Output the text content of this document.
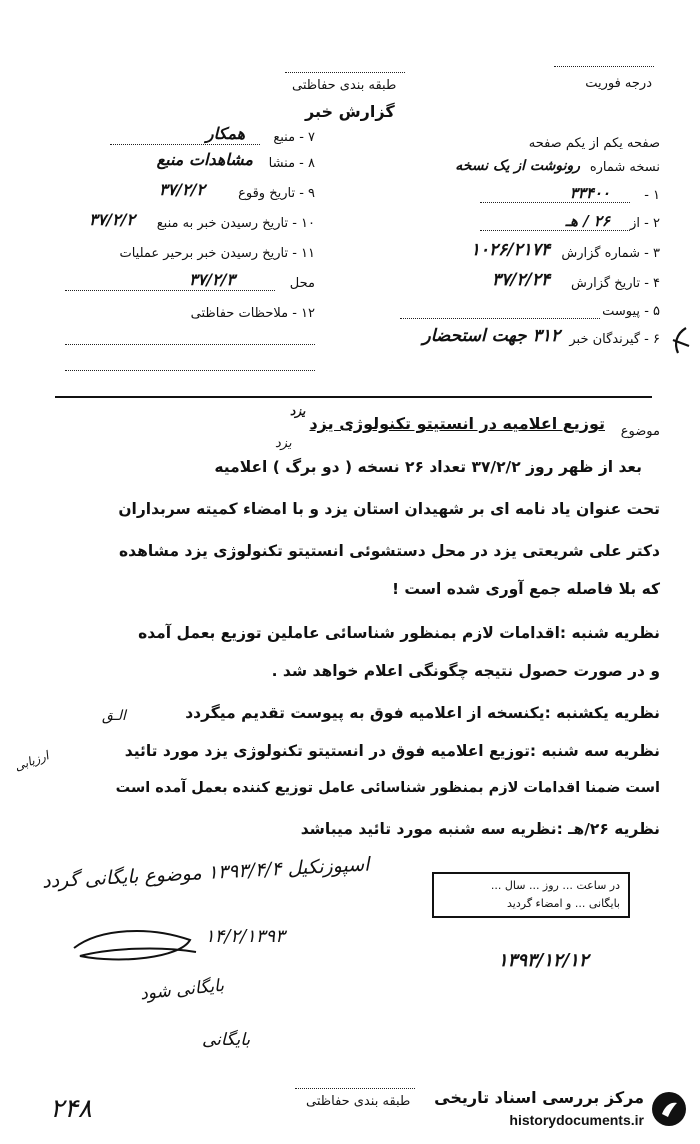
درجه فوریت
طبقه بندی حفاظتی
گزارش خبر
صفحه یکم از یکم صفحه
نسخه شماره
رونوشت از یک نسخه
۱ -
۳۳۴۰۰
۲ - از
۲۶ / هـ
۳ - شماره گزارش
۱۰۲۶/۲۱۷۴
۴ - تاریخ گزارش
۳۷/۲/۲۴
۵ - پیوست
۶ - گیرندگان خبر
۳۱۲ جهت استحضار
۷ - منبع
همکار
۸ - منشا
مشاهدات منبع
۹ - تاریخ وقوع
۳۷/۲/۲
۱۰ - تاریخ رسیدن خبر به منبع
۳۷/۲/۲
۱۱ - تاریخ رسیدن خبر برحیر عملیات
محل
۳۷/۲/۳
۱۲ - ملاحظات حفاظتی
موضوع
یزد
توزیع اعلامیه در انستیتو تکنولوژی یزد
یزد
بعد از ظهر روز ۳۷/۲/۲ تعداد ۲۶ نسخه ( دو برگ ) اعلامیه
تحت عنوان یاد نامه ای بر شهیدان استان یزد و با امضاء کمیته سربداران
دکتر علی شریعتی یزد در محل دستشوئی انستیتو تکنولوژی یزد مشاهده
که بلا فاصله جمع آوری شده است !
نظریه شنبه :اقدامات لازم بمنظور شناسائی عاملین توزیع بعمل آمده
و در صورت حصول نتیجه چگونگی اعلام خواهد شد .
نظریه یکشنبه :یکنسخه از اعلامیه فوق به پیوست تقدیم میگردد
نظریه سه شنبه :توزیع اعلامیه فوق در انستیتو تکنولوژی یزد مورد تائید
است ضمنا اقدامات لازم بمنظور شناسائی عامل توزیع کننده بعمل آمده است
نظریه ۲۶/هـ :نظریه سه شنبه مورد تائید میباشد
الـق
ارزیابی
اسپوزنکیل ۱۳۹۳/۴/۴ موضوع بایگانی گردد
در ساعت ... روز ... سال ...
بایگانی ... و امضاء گردید
۱۴/۲/۱۳۹۳
۱۳۹۳/۱۲/۱۲
بایگانی شود
بایگانی
۲۴۸	طبقه بندی حفاظتی مرکز بررسی اسناد تاریخی
historydocuments.ir
